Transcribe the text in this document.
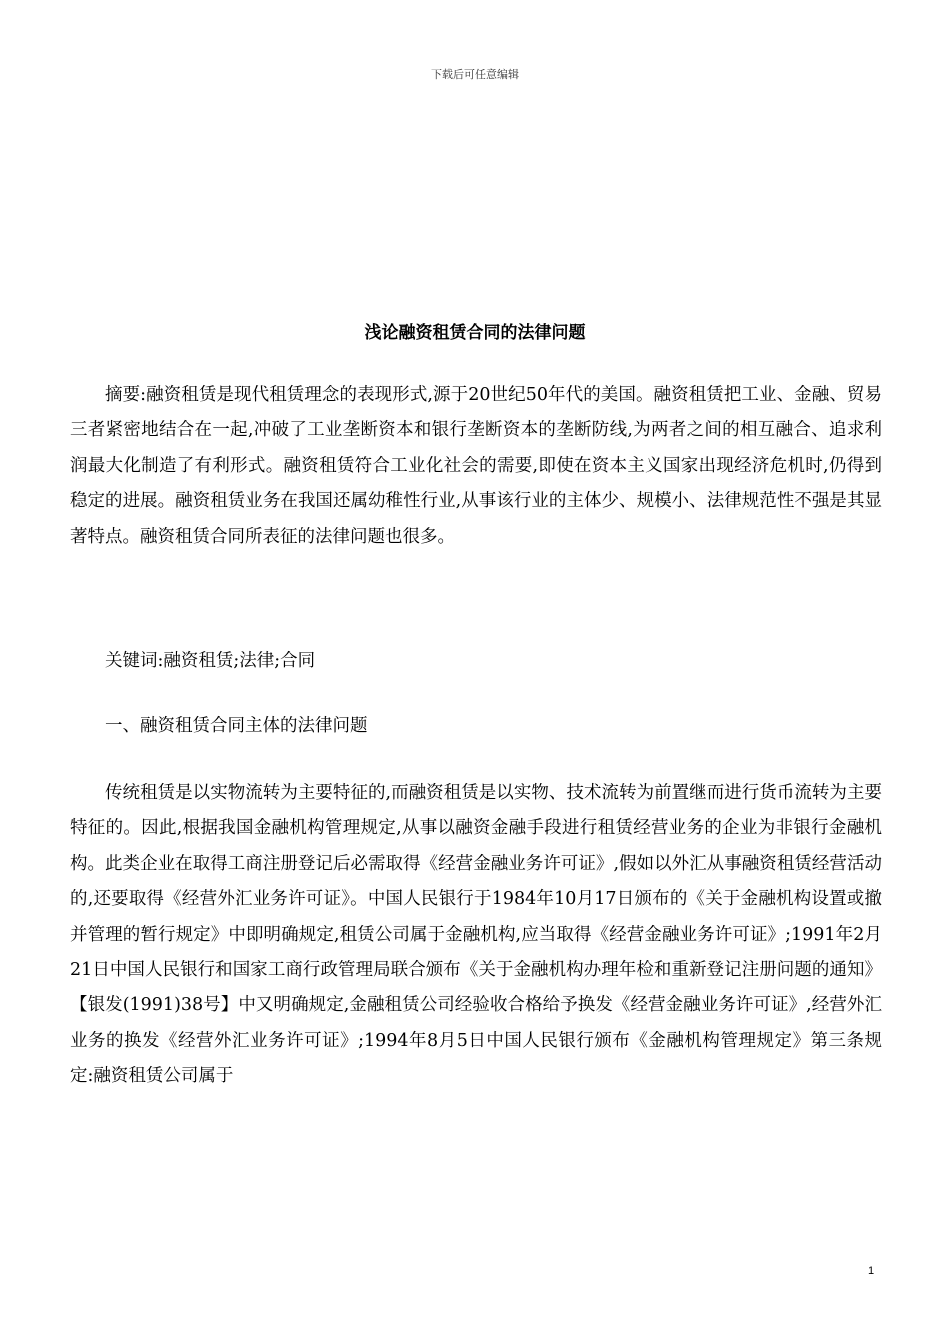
下载后可任意编辑
浅论融资租赁合同的法律问题

摘要:融资租赁是现代租赁理念的表现形式,源于20世纪50年代的美国。融资租赁把工业、金融、贸易三者紧密地结合在一起,冲破了工业垄断资本和银行垄断资本的垄断防线,为两者之间的相互融合、追求利润最大化制造了有利形式。融资租赁符合工业化社会的需要,即使在资本主义国家出现经济危机时,仍得到稳定的进展。融资租赁业务在我国还属幼稚性行业,从事该行业的主体少、规模小、法律规范性不强是其显著特点。融资租赁合同所表征的法律问题也很多。

关键词:融资租赁;法律;合同

一、融资租赁合同主体的法律问题

传统租赁是以实物流转为主要特征的,而融资租赁是以实物、技术流转为前置继而进行货币流转为主要特征的。因此,根据我国金融机构管理规定,从事以融资金融手段进行租赁经营业务的企业为非银行金融机构。此类企业在取得工商注册登记后必需取得《经营金融业务许可证》,假如以外汇从事融资租赁经营活动的,还要取得《经营外汇业务许可证》。中国人民银行于1984年10月17日颁布的《关于金融机构设置或撤并管理的暂行规定》中即明确规定,租赁公司属于金融机构,应当取得《经营金融业务许可证》;1991年2月21日中国人民银行和国家工商行政管理局联合颁布《关于金融机构办理年检和重新登记注册问题的通知》【银发(1991)38号】中又明确规定,金融租赁公司经验收合格给予换发《经营金融业务许可证》,经营外汇业务的换发《经营外汇业务许可证》;1994年8月5日中国人民银行颁布《金融机构管理规定》第三条规定:融资租赁公司属于

1
